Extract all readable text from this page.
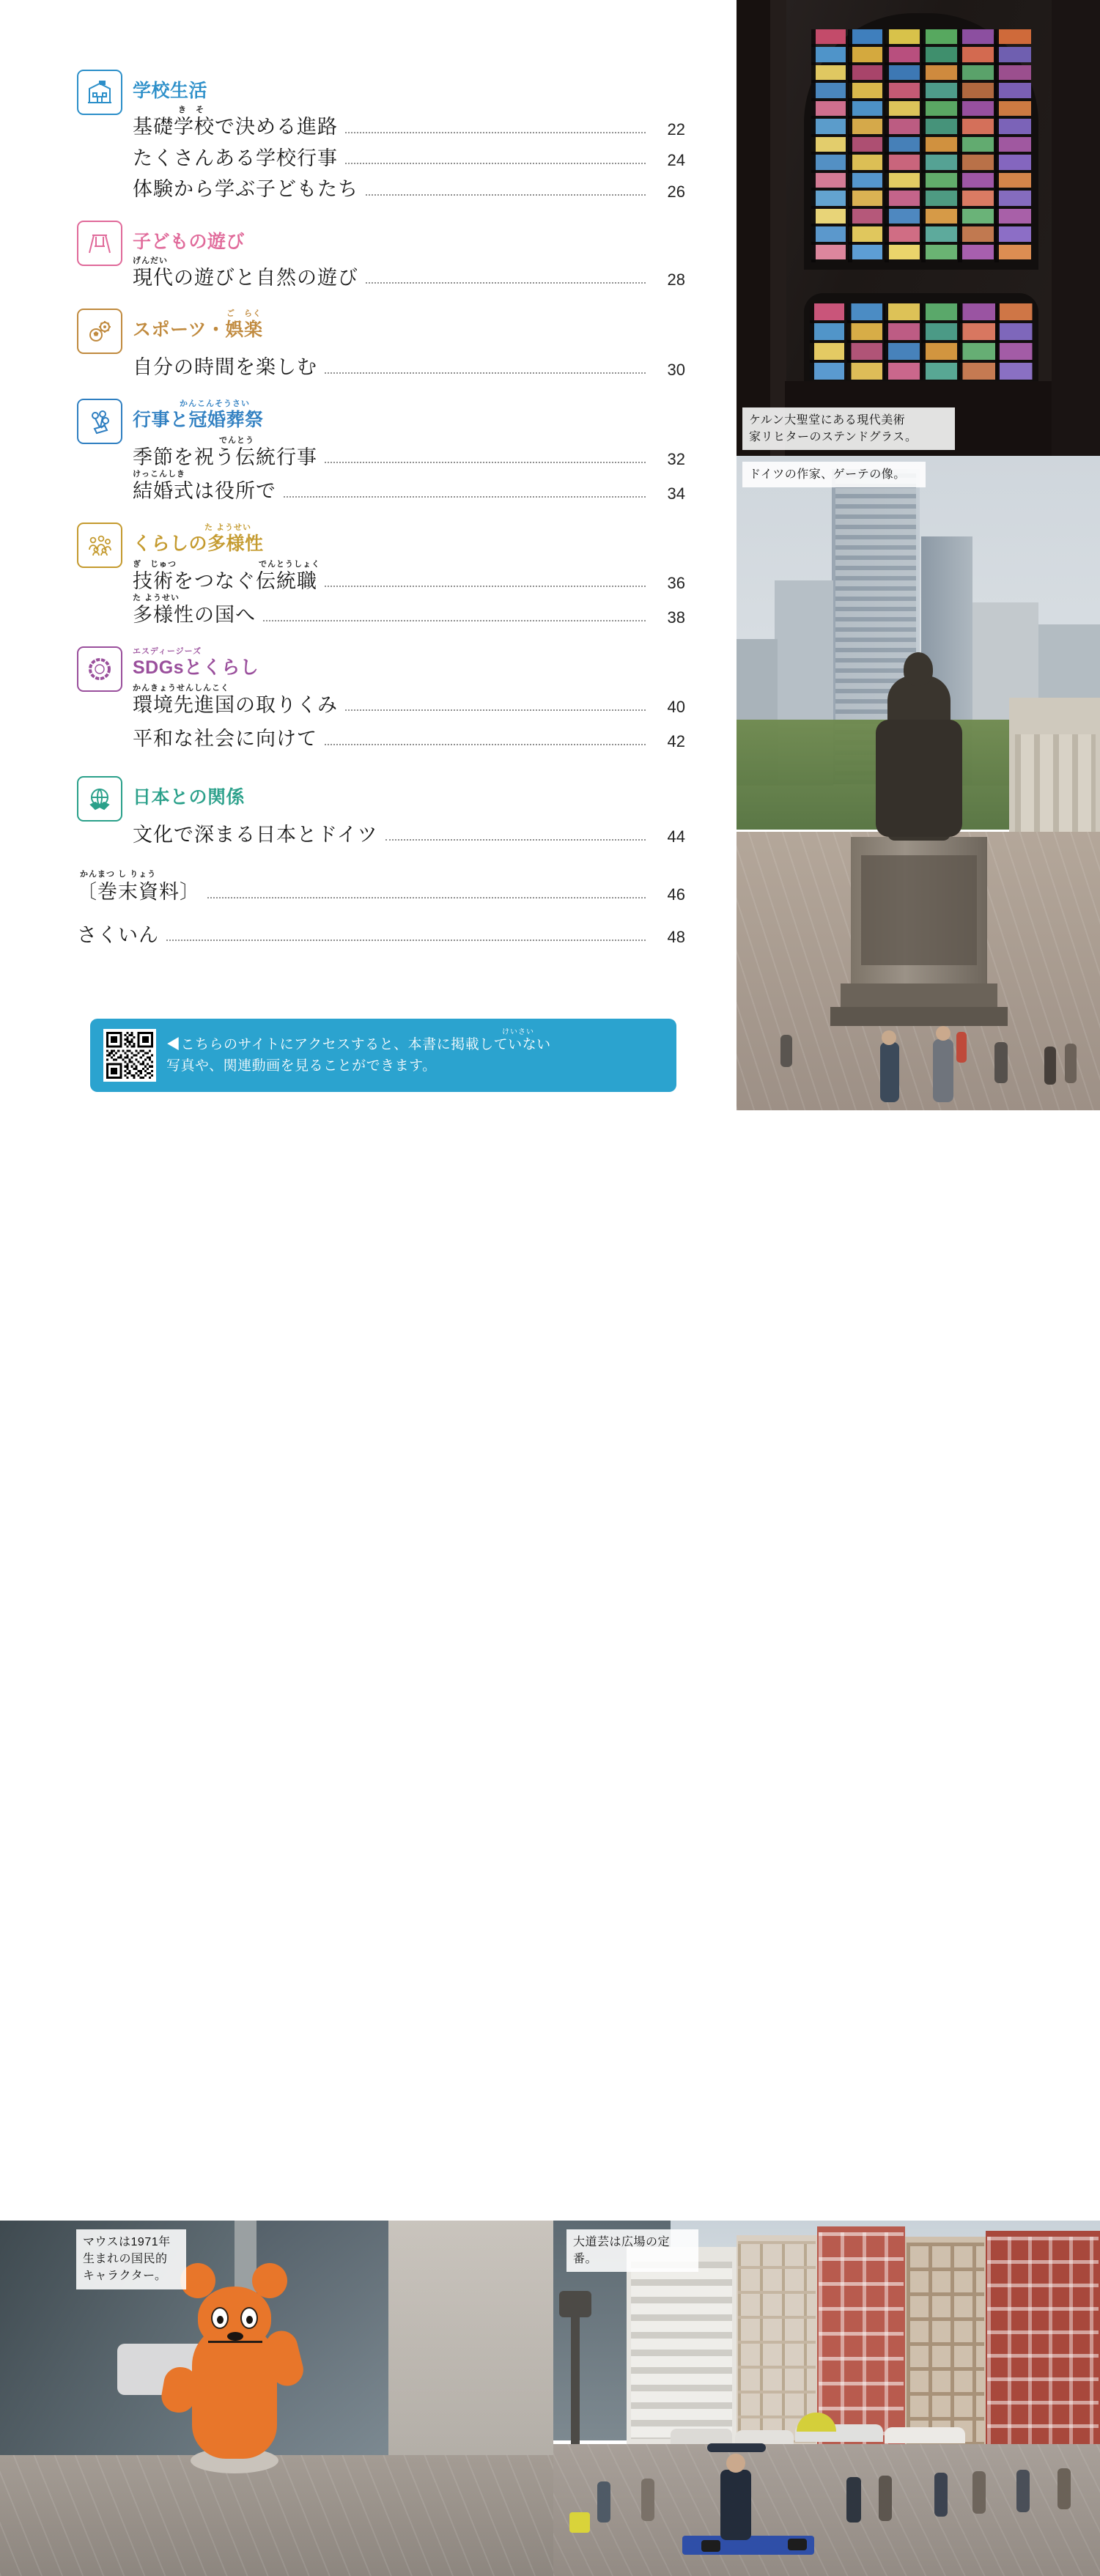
学校生活
き　そ
基礎学校で決める進路	22
たくさんある学校行事	24
体験から学ぶ子どもたち	26
子どもの遊び
げんだい
現代の遊びと自然の遊び	28
ご　らく
スポーツ・娯楽
自分の時間を楽しむ	30
かんこんそうさい
行事と冠婚葬祭
でんとう
季節を祝う伝統行事	32
けっこんしき
結婚式は役所で	34
た ようせい
くらしの多様性
ぎ　じゅつ	でんとうしょく
技術をつなぐ伝統職	36
た ようせい
多様性の国へ	38
エスディージーズ
SDGsとくらし
かんきょうせんしんこく
環境先進国の取りくみ	40
平和な社会に向けて	42
日本との関係
文化で深まる日本とドイツ	44
かんまつ し りょう
〔巻末資料〕	46
さくいん	48
けいさい
◀こちらのサイトにアクセスすると、本書に掲載していない
写真や、関連動画を見ることができます。
ケルン大聖堂にある現代美術
家リヒターのステンドグラス。
ドイツの作家、ゲーテの像。
マウスは1971年
生まれの国民的
キャラクター。
大道芸は広場の定番。
